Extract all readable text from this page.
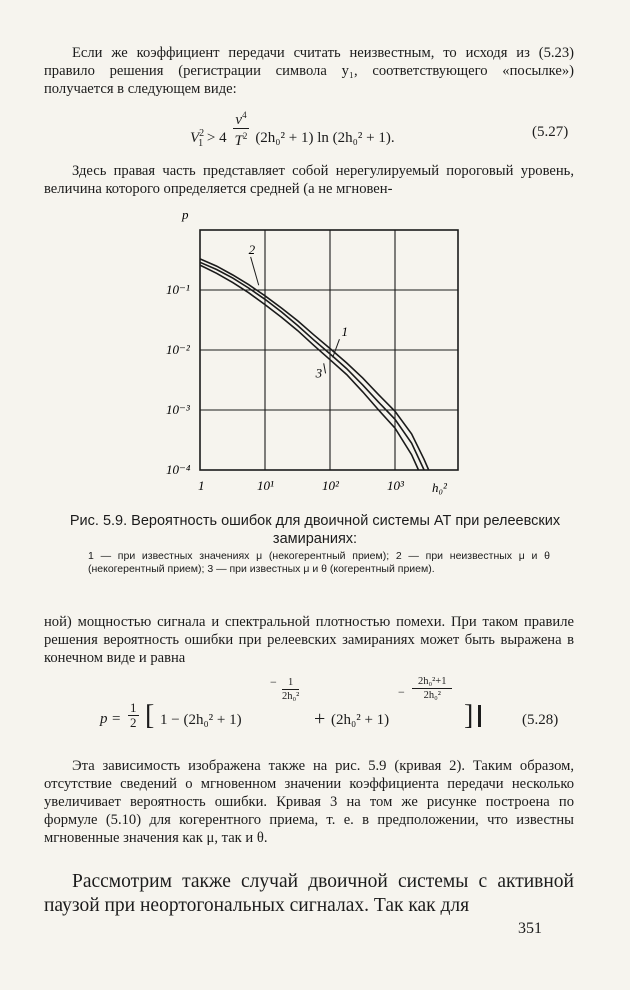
Если же коэффициент передачи считать неизвестным, то исходя из (5.23) правило решения (регистрации символа y₁, соответствующего «посылке») получается в следующем виде:
$V^2_1 > 4 \frac{\nu^4}{T^2} (2h_0^2 + 1)$ ln (2h₀² + 1).	(5.27)
Здесь правая часть представляет собой нерегулируемый пороговый уровень, величина которого определяется средней (а не мгновен-
1	10¹	10²	10³
10⁻¹
10⁻²
10⁻³
10⁻⁴
p
h₀²
1
2
3
Рис. 5.9. Вероятность ошибок для двоичной системы АТ при релеевских замираниях:
1 — при известных значениях μ (некогерентный прием); 2 — при неизвестных μ и θ (некогерентный прием); 3 — при известных μ и θ (когерентный прием).
ной) мощностью сигнала и спектральной плотностью помехи. При таком правиле решения вероятность ошибки при релеевских замираниях может быть выражена в конечном виде и равна
$p = \frac{1}{2}$ [ 1 − (2h₀² + 1)
− $\frac{1}{\text{2h₀²}}$
+ (2h₀² + 1)
− $\frac{\text{2h₀²+1}}{\text{2h₀²}}$
]	(5.28)
Эта зависимость изображена также на рис. 5.9 (кривая 2). Таким образом, отсутствие сведений о мгновенном значении коэффициента передачи несколько увеличивает вероятность ошибки. Кривая 3 на том же рисунке построена по формуле (5.10) для когерентного приема, т. е. в предположении, что известны мгновенные значения как μ, так и θ.
Рассмотрим также случай двоичной системы с активной паузой при неортогональных сигналах. Так как для
351
